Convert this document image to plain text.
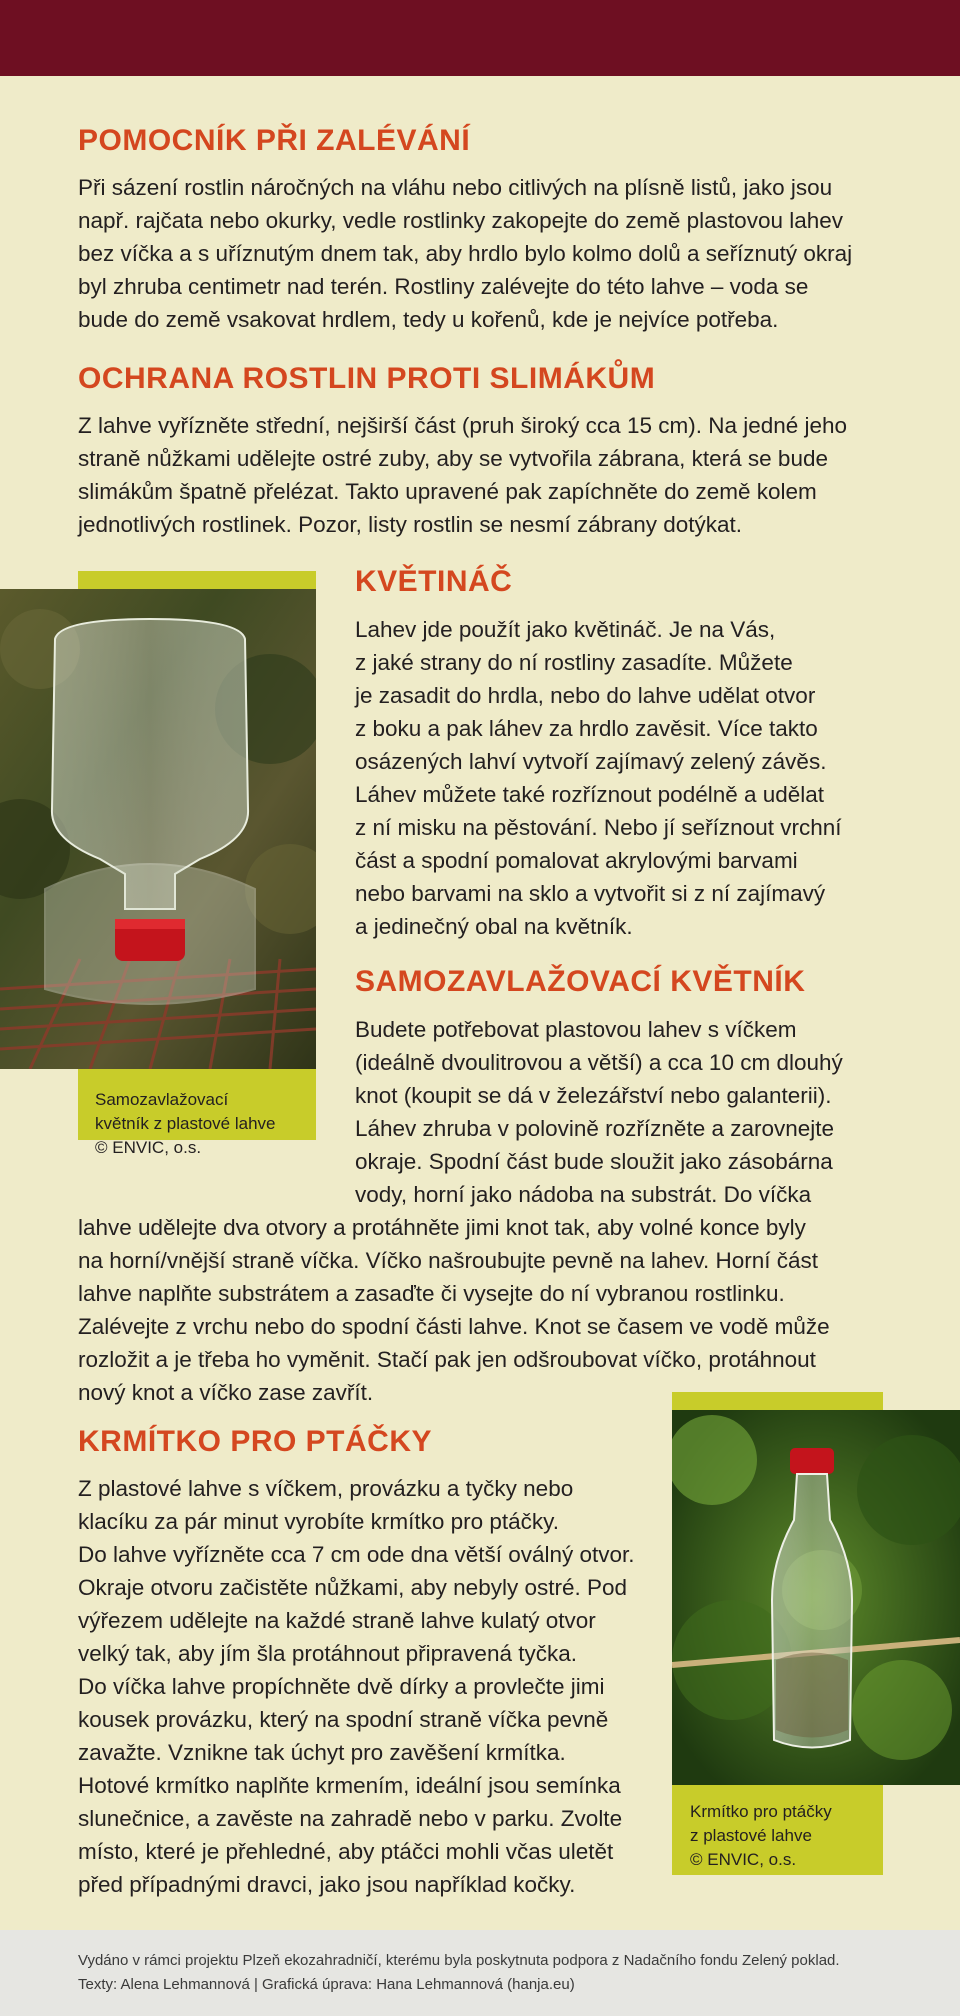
POMOCNÍK PŘI ZALÉVÁNÍ
Při sázení rostlin náročných na vláhu nebo citlivých na plísně listů, jako jsou
např. rajčata nebo okurky, vedle rostlinky zakopejte do země plastovou lahev
bez víčka a s uříznutým dnem tak, aby hrdlo bylo kolmo dolů a seříznutý okraj
byl zhruba centimetr nad terén. Rostliny zalévejte do této lahve – voda se
bude do země vsakovat hrdlem, tedy u kořenů, kde je nejvíce potřeba.
OCHRANA ROSTLIN PROTI SLIMÁKŮM
Z lahve vyřízněte střední, nejširší část (pruh široký cca 15 cm). Na jedné jeho
straně nůžkami udělejte ostré zuby, aby se vytvořila zábrana, která se bude
slimákům špatně přelézat. Takto upravené pak zapíchněte do země kolem
jednotlivých rostlinek. Pozor, listy rostlin se nesmí zábrany dotýkat.
Samozavlažovací
květník z plastové lahve
© ENVIC, o.s.
KVĚTINÁČ
Lahev jde použít jako květináč. Je na Vás,
z jaké strany do ní rostliny zasadíte. Můžete
je zasadit do hrdla, nebo do lahve udělat otvor
z boku a pak láhev za hrdlo zavěsit. Více takto
osázených lahví vytvoří zajímavý zelený závěs.
Láhev můžete také rozříznout podélně a udělat
z ní misku na pěstování. Nebo jí seříznout vrchní
část a spodní pomalovat akrylovými barvami
nebo barvami na sklo a vytvořit si z ní zajímavý
a jedinečný obal na květník.
SAMOZAVLAŽOVACÍ KVĚTNÍK
Budete potřebovat plastovou lahev s víčkem
(ideálně dvoulitrovou a větší) a cca 10 cm dlouhý
knot (koupit se dá v železářství nebo galanterii).
Láhev zhruba v polovině rozřízněte a zarovnejte
okraje. Spodní část bude sloužit jako zásobárna
vody, horní jako nádoba na substrát. Do víčka
lahve udělejte dva otvory a protáhněte jimi knot tak, aby volné konce byly
na horní/vnější straně víčka. Víčko našroubujte pevně na lahev. Horní část
lahve naplňte substrátem a zasaďte či vysejte do ní vybranou rostlinku.
Zalévejte z vrchu nebo do spodní části lahve. Knot se časem ve vodě může
rozložit a je třeba ho vyměnit. Stačí pak jen odšroubovat víčko, protáhnout
nový knot a víčko zase zavřít.
Krmítko pro ptáčky
z plastové lahve
© ENVIC, o.s.
KRMÍTKO PRO PTÁČKY
Z plastové lahve s víčkem, provázku a tyčky nebo
klacíku za pár minut vyrobíte krmítko pro ptáčky.
Do lahve vyřízněte cca 7 cm ode dna větší oválný otvor.
Okraje otvoru začistěte nůžkami, aby nebyly ostré. Pod
výřezem udělejte na každé straně lahve kulatý otvor
velký tak, aby jím šla protáhnout připravená tyčka.
Do víčka lahve propíchněte dvě dírky a provlečte jimi
kousek provázku, který na spodní straně víčka pevně
zavažte. Vznikne tak úchyt pro zavěšení krmítka.
Hotové krmítko naplňte krmením, ideální jsou semínka
slunečnice, a zavěste na zahradě nebo v parku. Zvolte
místo, které je přehledné, aby ptáčci mohli včas uletět
před případnými dravci, jako jsou například kočky.

Vydáno v rámci projektu Plzeň ekozahradničí, kterému byla poskytnuta podpora z Nadačního fondu Zelený poklad.

Texty: Alena Lehmannová | Grafická úprava: Hana Lehmannová (hanja.eu)
